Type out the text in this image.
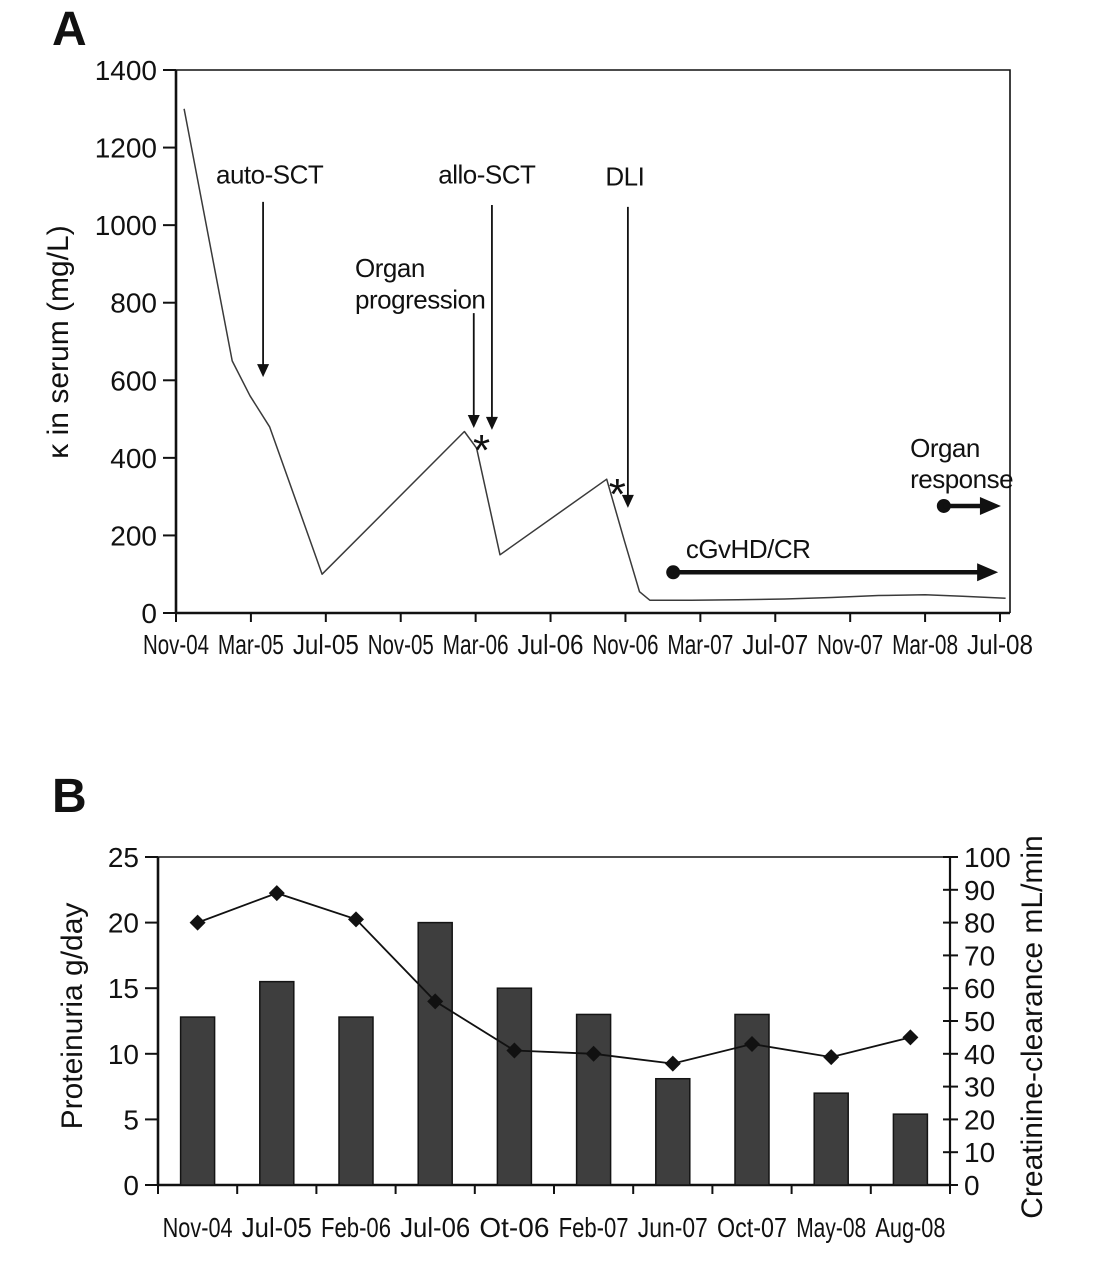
A
0
200
400
600
800
1000
1200
1400
Nov-04 Mar-05 Jul-05 Nov-05 Mar-06 Jul-06 Nov-06 Mar-07 Jul-07 Nov-07 Mar-08 Jul-08
κ in serum (mg/L)
auto-SCT
Organ
progression
allo-SCT	DLI
*
*
cGvHD/CR
Organ
response
B
0
5
10
15
20
25
0
10
20
30
40
50
60
70
80
90
100
Nov-04 Jul-05 Feb-06 Jul-06 Ot-06 Feb-07 Jun-07 Oct-07 May-08 Aug-08
Proteinuria g/day	Creatinine-clearance mL/min
